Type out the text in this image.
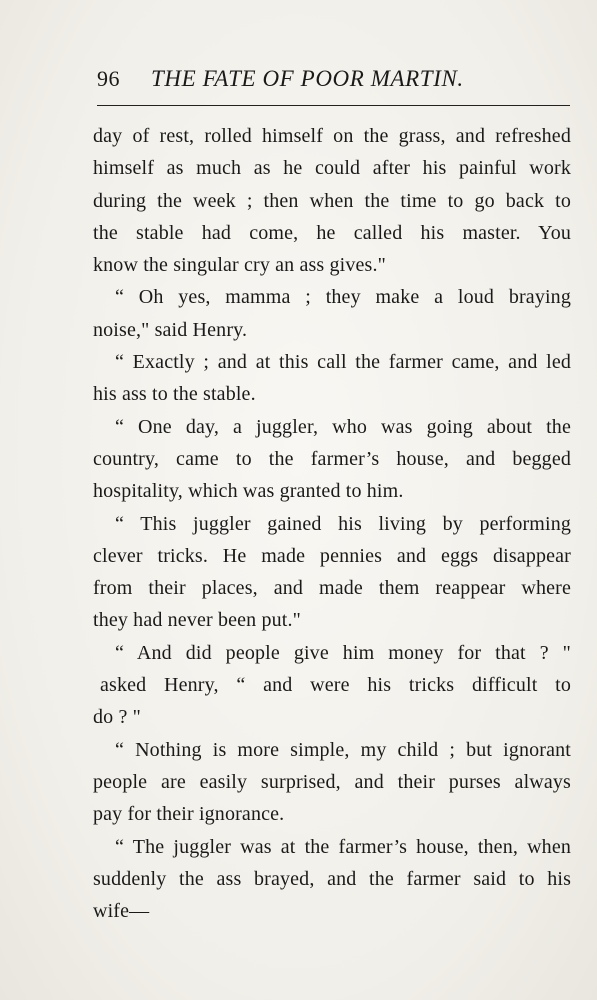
96 THE FATE OF POOR MARTIN.
day of rest, rolled himself on the grass, and refreshed
himself as much as he could after his painful work
during the week ; then when the time to go back to
the stable had come, he called his master. You
know the singular cry an ass gives."
“ Oh yes, mamma ; they make a loud braying
noise," said Henry.
“ Exactly ; and at this call the farmer came, and led
his ass to the stable.
“ One day, a juggler, who was going about the
country, came to the farmer’s house, and begged
hospitality, which was granted to him.
“ This juggler gained his living by performing
clever tricks. He made pennies and eggs disappear
from their places, and made them reappear where
they had never been put."
“ And did people give him money for that ? "
asked Henry, “ and were his tricks difficult to
do ? "
“ Nothing is more simple, my child ; but ignorant
people are easily surprised, and their purses always
pay for their ignorance.
“ The juggler was at the farmer’s house, then, when
suddenly the ass brayed, and the farmer said to his
wife—
